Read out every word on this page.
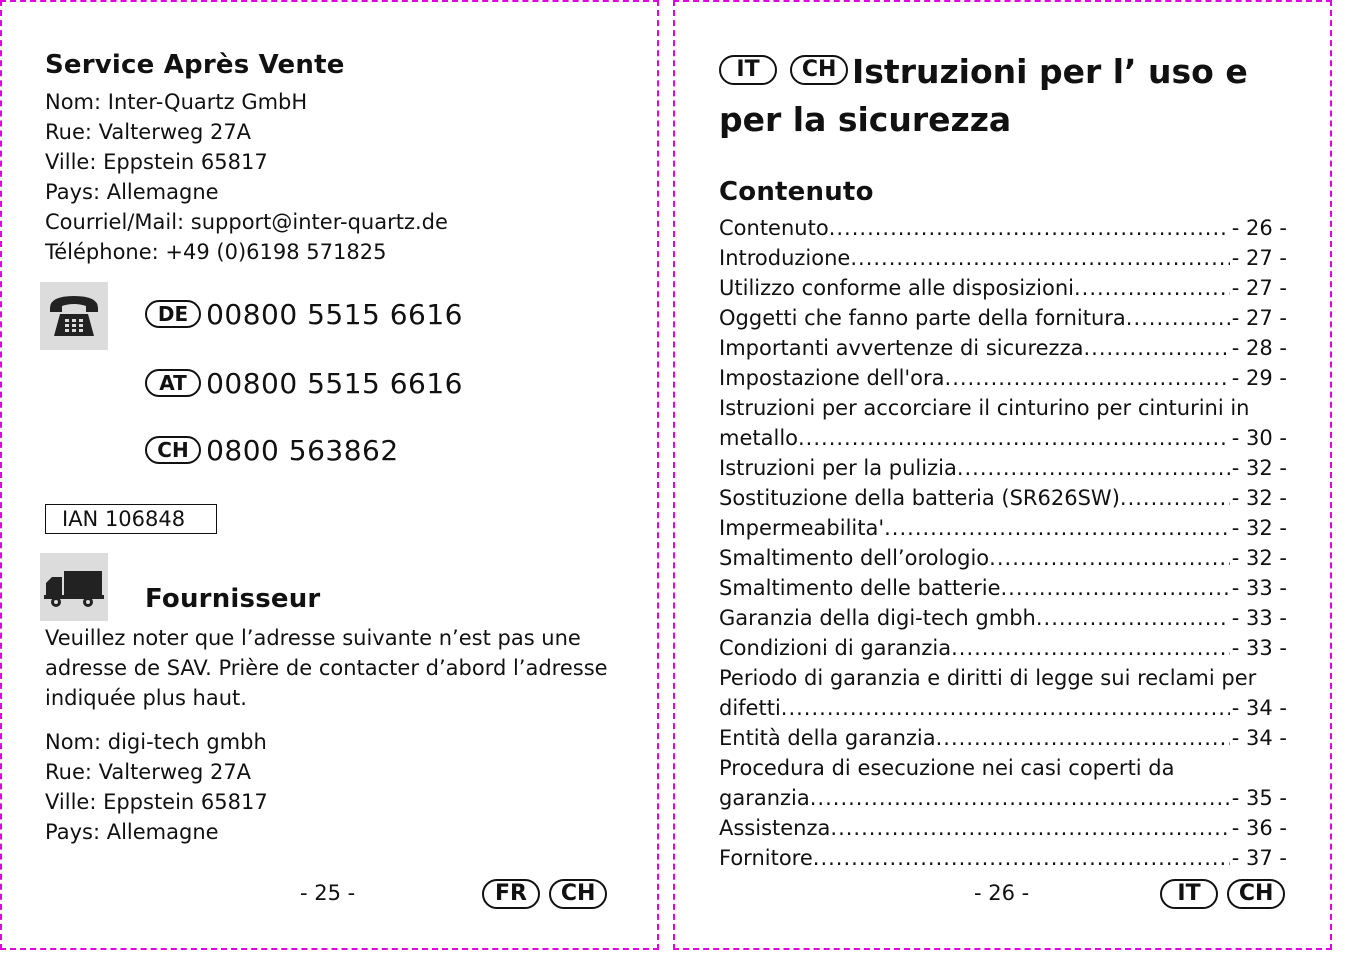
Service Après Vente
Nom: Inter-Quartz GmbH
Rue: Valterweg 27A
Ville: Eppstein 65817
Pays: Allemagne
Courriel/Mail: support@inter-quartz.de
Téléphone: +49 (0)6198 571825
DE 00800 5515 6616
AT 00800 5515 6616
CH 0800 563862
IAN 106848
Fournisseur
Veuillez noter que l’adresse suivante n’est pas une
adresse de SAV. Prière de contacter d’abord l’adresse
indiquée plus haut.
Nom: digi-tech gmbh
Rue: Valterweg 27A
Ville: Eppstein 65817
Pays: Allemagne
- 25 -	FR CH
IT CH Istruzioni per l’ uso e
per la sicurezza
Contenuto
Contenuto .....	- 26 -
Introduzione .....	- 27 -
Utilizzo conforme alle disposizioni .....	- 27 -
Oggetti che fanno parte della fornitura .....	- 27 -
Importanti avvertenze di sicurezza .....	- 28 -
Impostazione dell'ora .....	- 29 -
Istruzioni per accorciare il cinturino per cinturini in
metallo .....	- 30 -
Istruzioni per la pulizia .....	- 32 -
Sostituzione della batteria (SR626SW) .....	- 32 -
Impermeabilita' .....	- 32 -
Smaltimento dell’orologio .....	- 32 -
Smaltimento delle batterie .....	- 33 -
Garanzia della digi-tech gmbh .....	- 33 -
Condizioni di garanzia .....	- 33 -
Periodo di garanzia e diritti di legge sui reclami per
difetti .....	- 34 -
Entità della garanzia .....	- 34 -
Procedura di esecuzione nei casi coperti da
garanzia .....	- 35 -
Assistenza .....	- 36 -
Fornitore .....	- 37 -
- 26 -	IT CH
